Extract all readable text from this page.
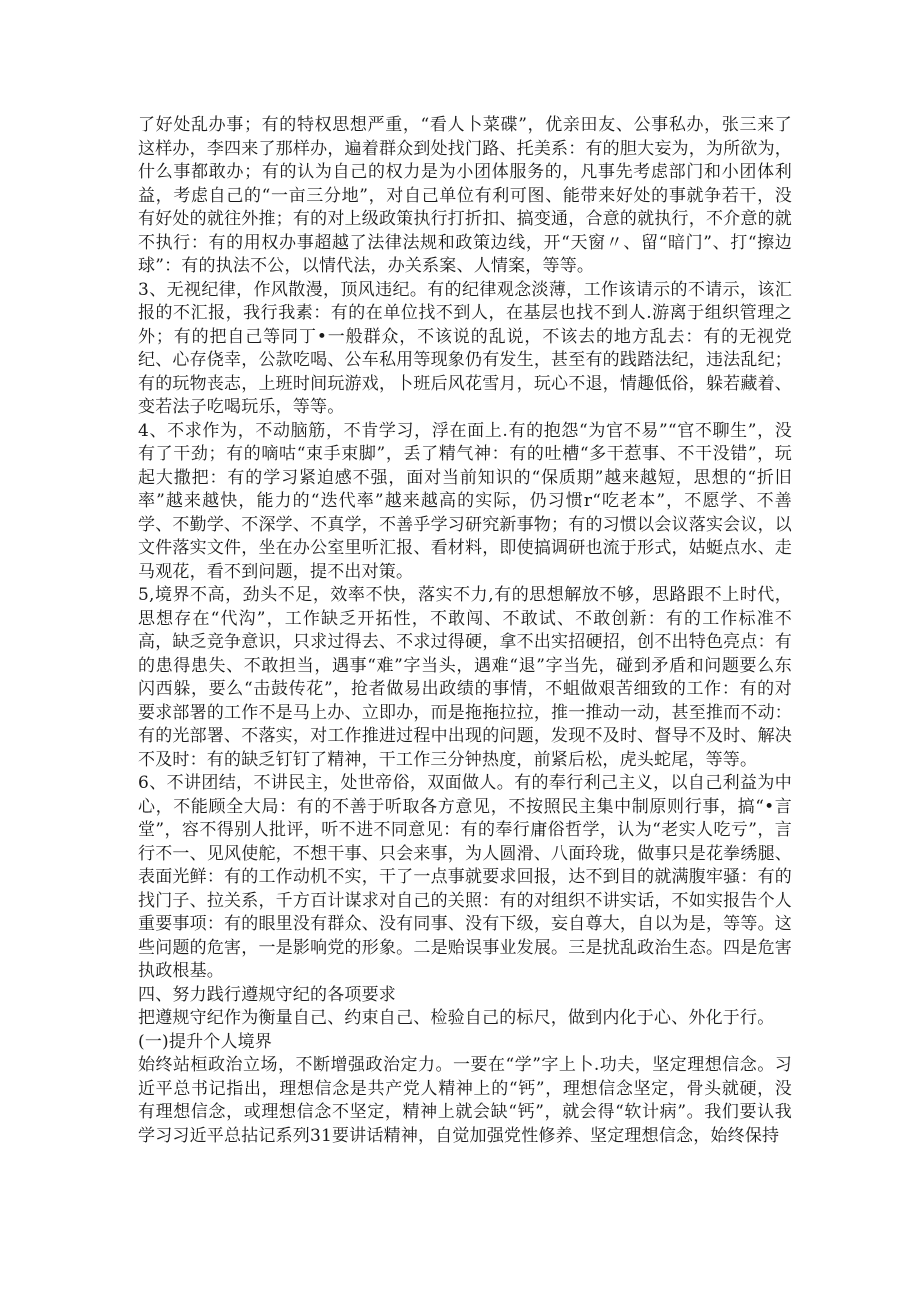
了好处乱办事；有的特权思想严重，“看人卜菜碟”，优亲田友、公事私办，张三来了这样办，李四来了那样办，遍着群众到处找门路、托美系：有的胆大妄为，为所欲为，什么事都敢办；有的认为自己的权力是为小团体服务的，凡事先考虑部门和小团体利益，考虑自己的“一亩三分地”，对自己单位有利可图、能带来好处的事就争若干，没有好处的就往外推；有的对上级政策执行打折扣、搞变通，合意的就执行，不介意的就不执行：有的用权办事超越了法律法规和政策边线，开“天窗〃、留“暗门”、打“擦边球”：有的执法不公，以情代法，办关系案、人情案，等等。

3、无视纪律，作风散漫，顶风违纪。有的纪律观念淡薄，工作该请示的不请示，该汇报的不汇报，我行我素：有的在单位找不到人，在基层也找不到人.游离于组织管理之外；有的把自己等同丁•一般群众，不该说的乱说，不该去的地方乱去：有的无视党纪、心存侥幸，公款吃喝、公车私用等现象仍有发生，甚至有的践踏法纪，违法乱纪；有的玩物丧志，上班时间玩游戏，卜班后风花雪月，玩心不退，情趣低俗，躲若藏着、变若法子吃喝玩乐，等等。

4、不求作为，不动脑筋，不肯学习，浮在面上.有的抱怨“为官不易”“官不聊生”，没有了干劲；有的嘀咕“束手束脚”，丢了精气神：有的吐槽“多干惹事、不干没错”，玩起大撒把：有的学习紧迫感不强，面对当前知识的“保质期”越来越短，思想的“折旧率”越来越快，能力的“迭代率”越来越高的实际，仍习惯r“吃老本”，不愿学、不善学、不勤学、不深学、不真学，不善乎学习研究新事物；有的习惯以会议落实会议，以文件落实文件，坐在办公室里听汇报、看材料，即使搞调研也流于形式，姑蜓点水、走马观花，看不到问题，提不出对策。

5,境界不高，劲头不足，效率不快，落实不力,有的思想解放不够，思路跟不上时代，思想存在“代沟”，工作缺乏开拓性，不敢闯、不敢试、不敢创新：有的工作标准不高，缺乏竞争意识，只求过得去、不求过得硬，拿不出实招硬招，创不出特色亮点：有的患得患失、不敢担当，遇事“难”字当头，遇难“退”字当先，碰到矛盾和问题要么东闪西躲，要么“击鼓传花”，抢者做易出政绩的事情，不蛆做艰苦细致的工作：有的对要求部署的工作不是马上办、立即办，而是拖拖拉拉，推一推动一动，甚至推而不动：有的光部署、不落实，对工作推进过程中出现的问题，发现不及时、督导不及时、解决不及时：有的缺乏钉钉了精神，干工作三分钟热度，前紧后松，虎头蛇尾，等等。

6、不讲团结，不讲民主，处世帝俗，双面做人。有的奉行利己主义，以自己利益为中心，不能顾全大局：有的不善于听取各方意见，不按照民主集中制原则行事，搞“•言堂”，容不得别人批评，听不进不同意见：有的奉行庸俗哲学，认为“老实人吃亏”，言行不一、见风使舵，不想干事、只会来事，为人圆滑、八面玲珑，做事只是花拳绣腿、表面光鲜：有的工作动机不实，干了一点事就要求回报，达不到目的就满腹牢骚：有的找门子、拉关系，千方百计谋求对自己的关照：有的对组织不讲实话，不如实报告个人重要事项：有的眼里没有群众、没有同事、没有下级，妄自尊大，自以为是，等等。这些问题的危害，一是影响党的形象。二是贻误事业发展。三是扰乱政治生态。四是危害执政根基。

四、努力践行遵规守纪的各项要求

把遵规守纪作为衡量自己、约束自己、检验自己的标尺，做到内化于心、外化于行。

(一)提升个人境界

始终站桓政治立场，不断增强政治定力。一要在“学”字上卜.功夫，坚定理想信念。习近平总书记指出，理想信念是共产党人精神上的“钙”，理想信念坚定，骨头就硬，没有理想信念，或理想信念不坚定，精神上就会缺“钙”，就会得“软计病”。我们要认我学习习近平总拈记系列31要讲话精神，自觉加强党性修养、坚定理想信念，始终保持
